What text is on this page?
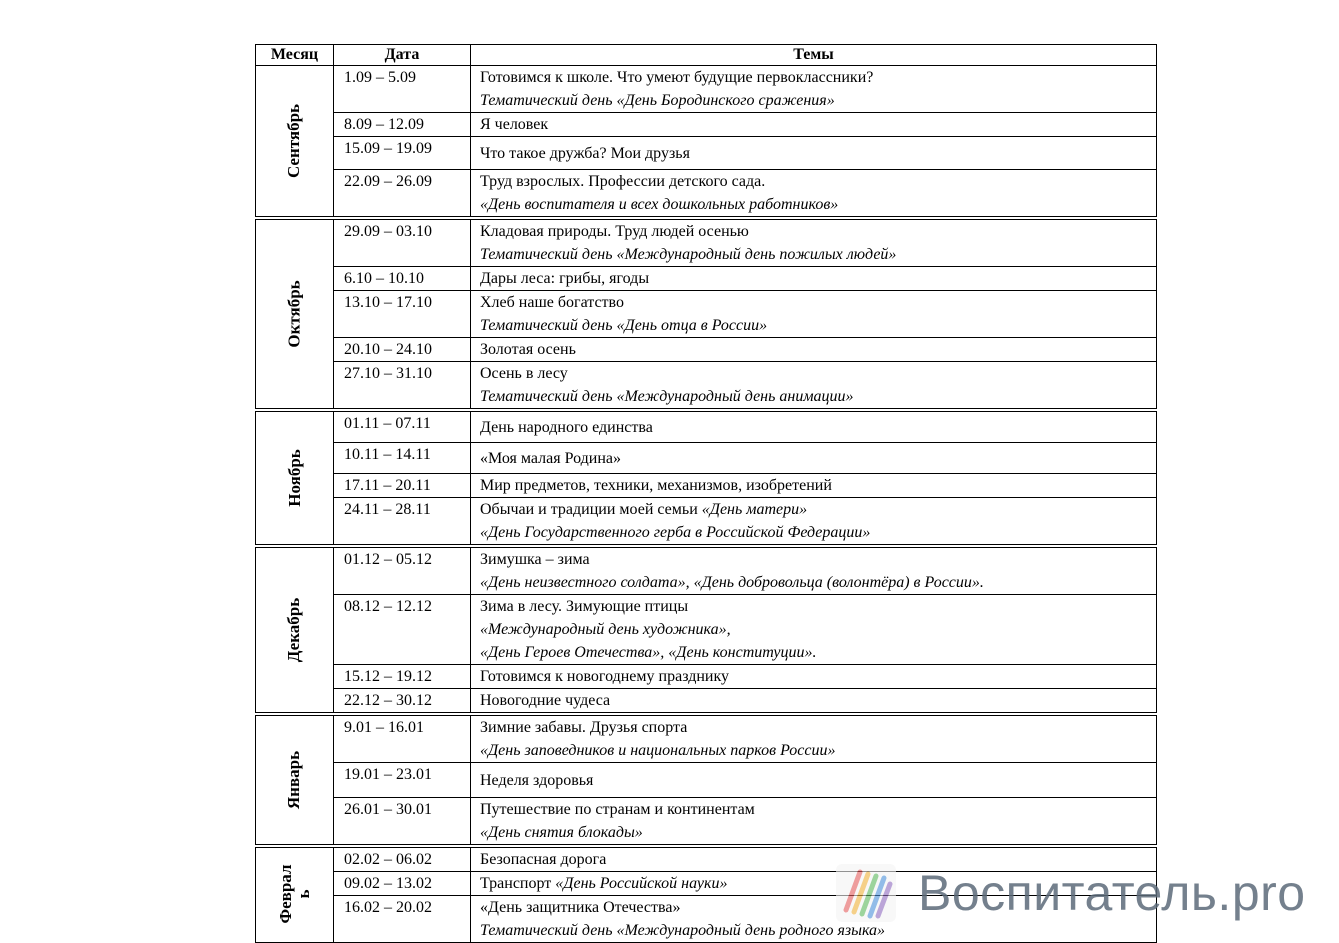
Месяц	Дата	Темы
Сентябрь	1.09 – 5.09	Готовимся к школе. Что умеют будущие первоклассники?
Тематический день «День Бородинского сражения»

	8.09 – 12.09	Я человек

	15.09 – 19.09	Что такое дружба? Мои друзья

	22.09 – 26.09	Труд взрослых. Профессии детского сада.
«День воспитателя и всех дошкольных работников»

Октябрь	29.09 – 03.10	Кладовая природы. Труд людей осенью
Тематический день «Международный день пожилых людей»

	6.10 – 10.10	Дары леса: грибы, ягоды

	13.10 – 17.10	Хлеб наше богатство
Тематический день «День отца в России»

	20.10 – 24.10	Золотая осень

	27.10 – 31.10	Осень в лесу
Тематический день «Международный день анимации»

Ноябрь	01.11 – 07.11	День народного единства

	10.11 – 14.11	«Моя малая Родина»

	17.11 – 20.11	Мир предметов, техники, механизмов, изобретений

	24.11 – 28.11	Обычаи и традиции моей семьи «День матери»
«День Государственного герба в Российской Федерации»

Декабрь	01.12 – 05.12	Зимушка – зима
«День неизвестного солдата», «День добровольца (волонтёра) в России».

	08.12 – 12.12	Зима в лесу. Зимующие птицы
«Международный день художника»,
«День Героев Отечества», «День конституции».

	15.12 – 19.12	Готовимся к новогоднему празднику

	22.12 – 30.12	Новогодние чудеса

Январь	9.01 – 16.01	Зимние забавы. Друзья спорта
«День заповедников и национальных парков России»

	19.01 – 23.01	Неделя здоровья

	26.01 – 30.01	Путешествие по странам и континентам
«День снятия блокады»

Феврал ь	02.02 – 06.02	Безопасная дорога

	09.02 – 13.02	Транспорт «День Российской науки»

	16.02 – 20.02	«День защитника Отечества»
Тематический день «Международный день родного языка»
Воспитатель.pro
